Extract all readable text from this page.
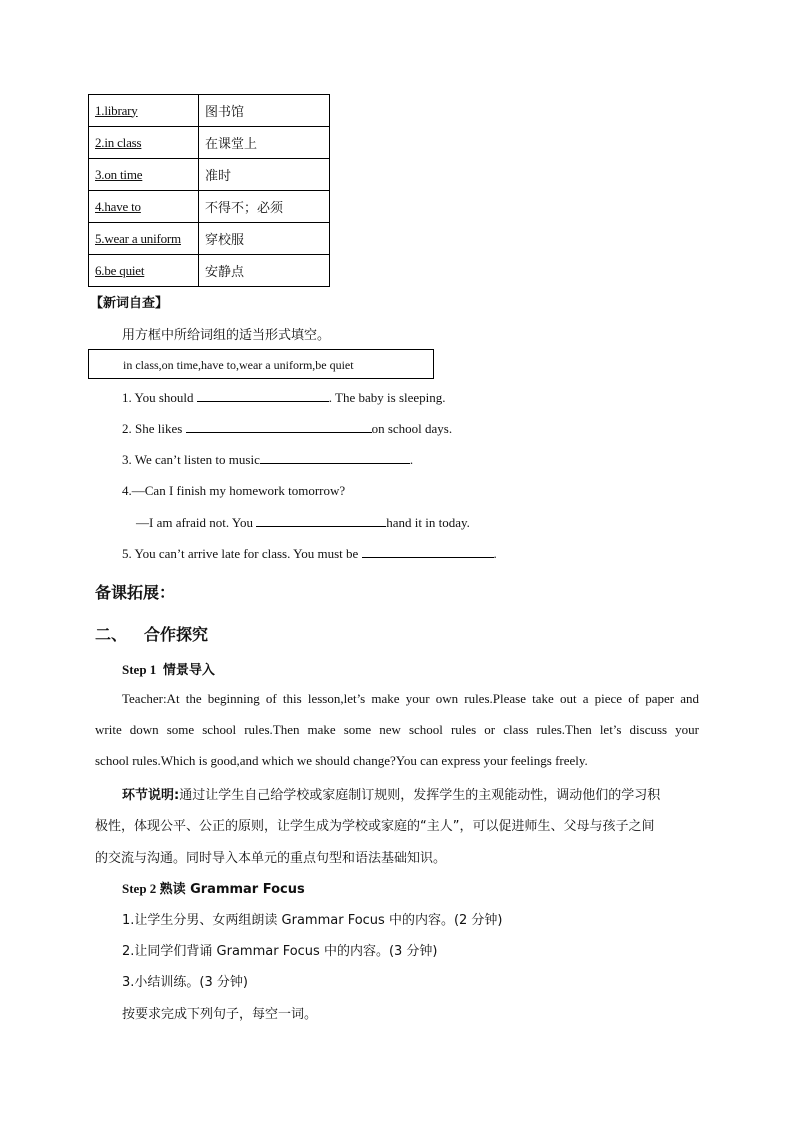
1.library	图书馆
2.in class	在课堂上
3.on time	准时
4.have to	不得不；必须
5.wear a uniform	穿校服
6.be quiet	安静点
【新词自查】
用方框中所给词组的适当形式填空。
in class,on time,have to,wear a uniform,be quiet
1. You should	. The baby is sleeping.
2. She likes	on school days.
3. We can’t listen to music	.
4.—Can I finish my homework tomorrow?
—I am afraid not. You	hand it in today.
5. You can’t arrive late for class. You must be	.
备课拓展：
二、 合作探究
Step 1 情景导入
Teacher:At the beginning of this lesson,let’s make your own rules.Please take out a piece of paper and
write down some school rules.Then make some new school rules or class rules.Then let’s discuss your
school rules.Which is good,and which we should change?You can express your feelings freely.
环节说明:通过让学生自己给学校或家庭制订规则，发挥学生的主观能动性，调动他们的学习积
极性，体现公平、公正的原则，让学生成为学校或家庭的“主人”，可以促进师生、父母与孩子之间
的交流与沟通。同时导入本单元的重点句型和语法基础知识。
Step 2 熟读 Grammar Focus
1.让学生分男、女两组朗读 Grammar Focus 中的内容。(2 分钟)
2.让同学们背诵 Grammar Focus 中的内容。(3 分钟)
3.小结训练。(3 分钟)
按要求完成下列句子，每空一词。
